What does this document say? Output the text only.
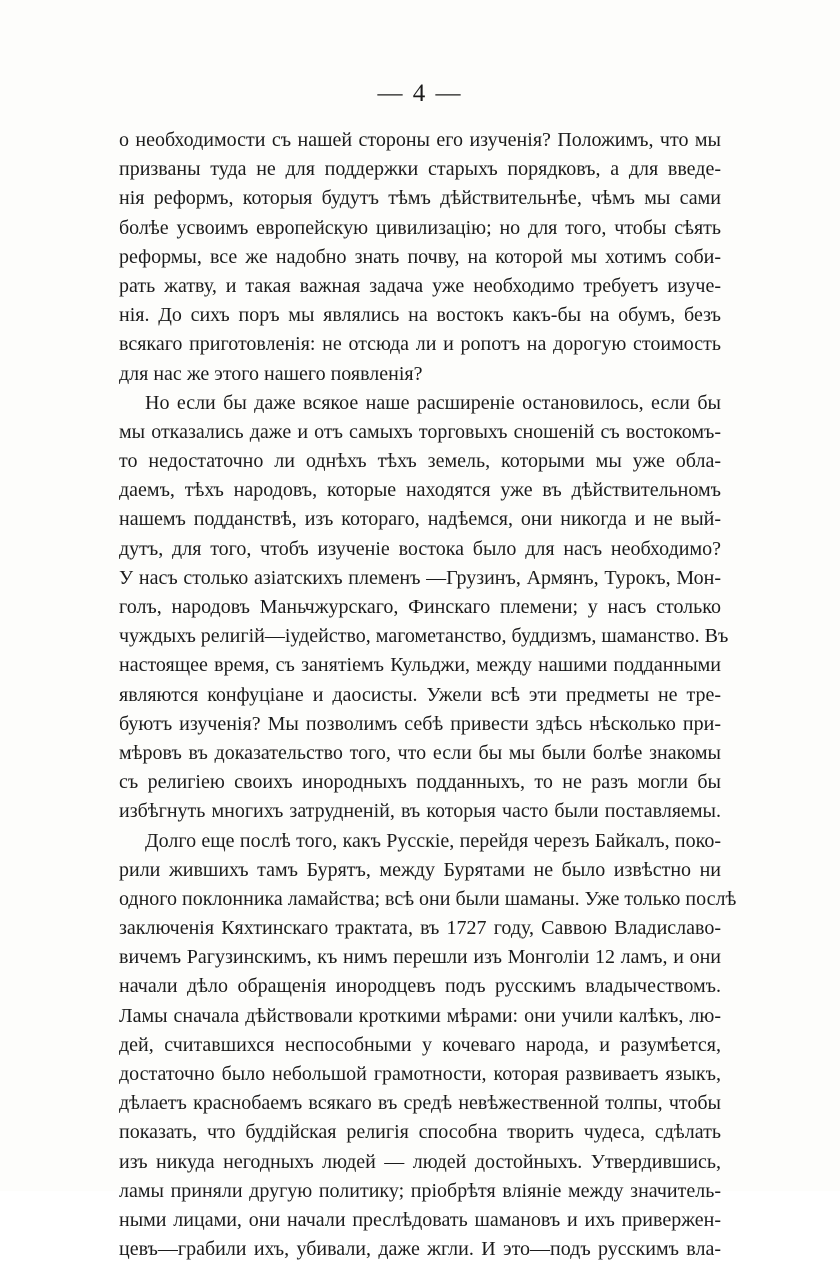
— 4 —
о необходимости съ нашей стороны его изученія? Положимъ, что мы
призваны туда не для поддержки старыхъ порядковъ, а для введе-
нія реформъ, которыя будутъ тѣмъ дѣйствительнѣе, чѣмъ мы сами
болѣе усвоимъ европейскую цивилизацію; но для того, чтобы сѣять
реформы, все же надобно знать почву, на которой мы хотимъ соби-
рать жатву, и такая важная задача уже необходимо требуетъ изуче-
нія. До сихъ поръ мы являлись на востокъ какъ-бы на обумъ, безъ
всякаго приготовленія: не отсюда ли и ропотъ на дорогую стоимость
для нас же этого нашего появленія?
Но если бы даже всякое наше расширеніе остановилось, если бы
мы отказались даже и отъ самыхъ торговыхъ сношеній съ востокомъ-
то недостаточно ли однѣхъ тѣхъ земель, которыми мы уже обла-
даемъ, тѣхъ народовъ, которые находятся уже въ дѣйствительномъ
нашемъ подданствѣ, изъ котораго, надѣемся, они никогда и не вый-
дутъ, для того, чтобъ изученіе востока было для насъ необходимо?
У насъ столько азіатскихъ племенъ —Грузинъ, Армянъ, Турокъ, Мон-
голъ, народовъ Маньчжурскаго, Финскаго племени; у насъ столько
чуждыхъ религій—іудейство, магометанство, буддизмъ, шаманство. Въ
настоящее время, съ занятіемъ Кульджи, между нашими подданными
являются конфуціане и даосисты. Ужели всѣ эти предметы не тре-
буютъ изученія? Мы позволимъ себѣ привести здѣсь нѣсколько при-
мѣровъ въ доказательство того, что если бы мы были болѣе знакомы
съ религіею своихъ инородныхъ подданныхъ, то не разъ могли бы
избѣгнуть многихъ затрудненій, въ которыя часто были поставляемы.
Долго еще послѣ того, какъ Русскіе, перейдя черезъ Байкалъ, поко-
рили жившихъ тамъ Бурятъ, между Бурятами не было извѣстно ни
одного поклонника ламайства; всѣ они были шаманы. Уже только послѣ
заключенія Кяхтинскаго трактата, въ 1727 году, Саввою Владиславо-
вичемъ Рагузинскимъ, къ нимъ перешли изъ Монголіи 12 ламъ, и они
начали дѣло обращенія инородцевъ подъ русскимъ владычествомъ.
Ламы сначала дѣйствовали кроткими мѣрами: они учили калѣкъ, лю-
дей, считавшихся неспособными у кочеваго народа, и разумѣется,
достаточно было небольшой грамотности, которая развиваетъ языкъ,
дѣлаетъ краснобаемъ всякаго въ средѣ невѣжественной толпы, чтобы
показать, что буддійская религія способна творить чудеса, сдѣлать
изъ никуда негодныхъ людей — людей достойныхъ. Утвердившись,
ламы приняли другую политику; пріобрѣтя вліяніе между значитель-
ными лицами, они начали преслѣдовать шамановъ и ихъ привержен-
цевъ—грабили ихъ, убивали, даже жгли. И это—подъ русскимъ вла-
